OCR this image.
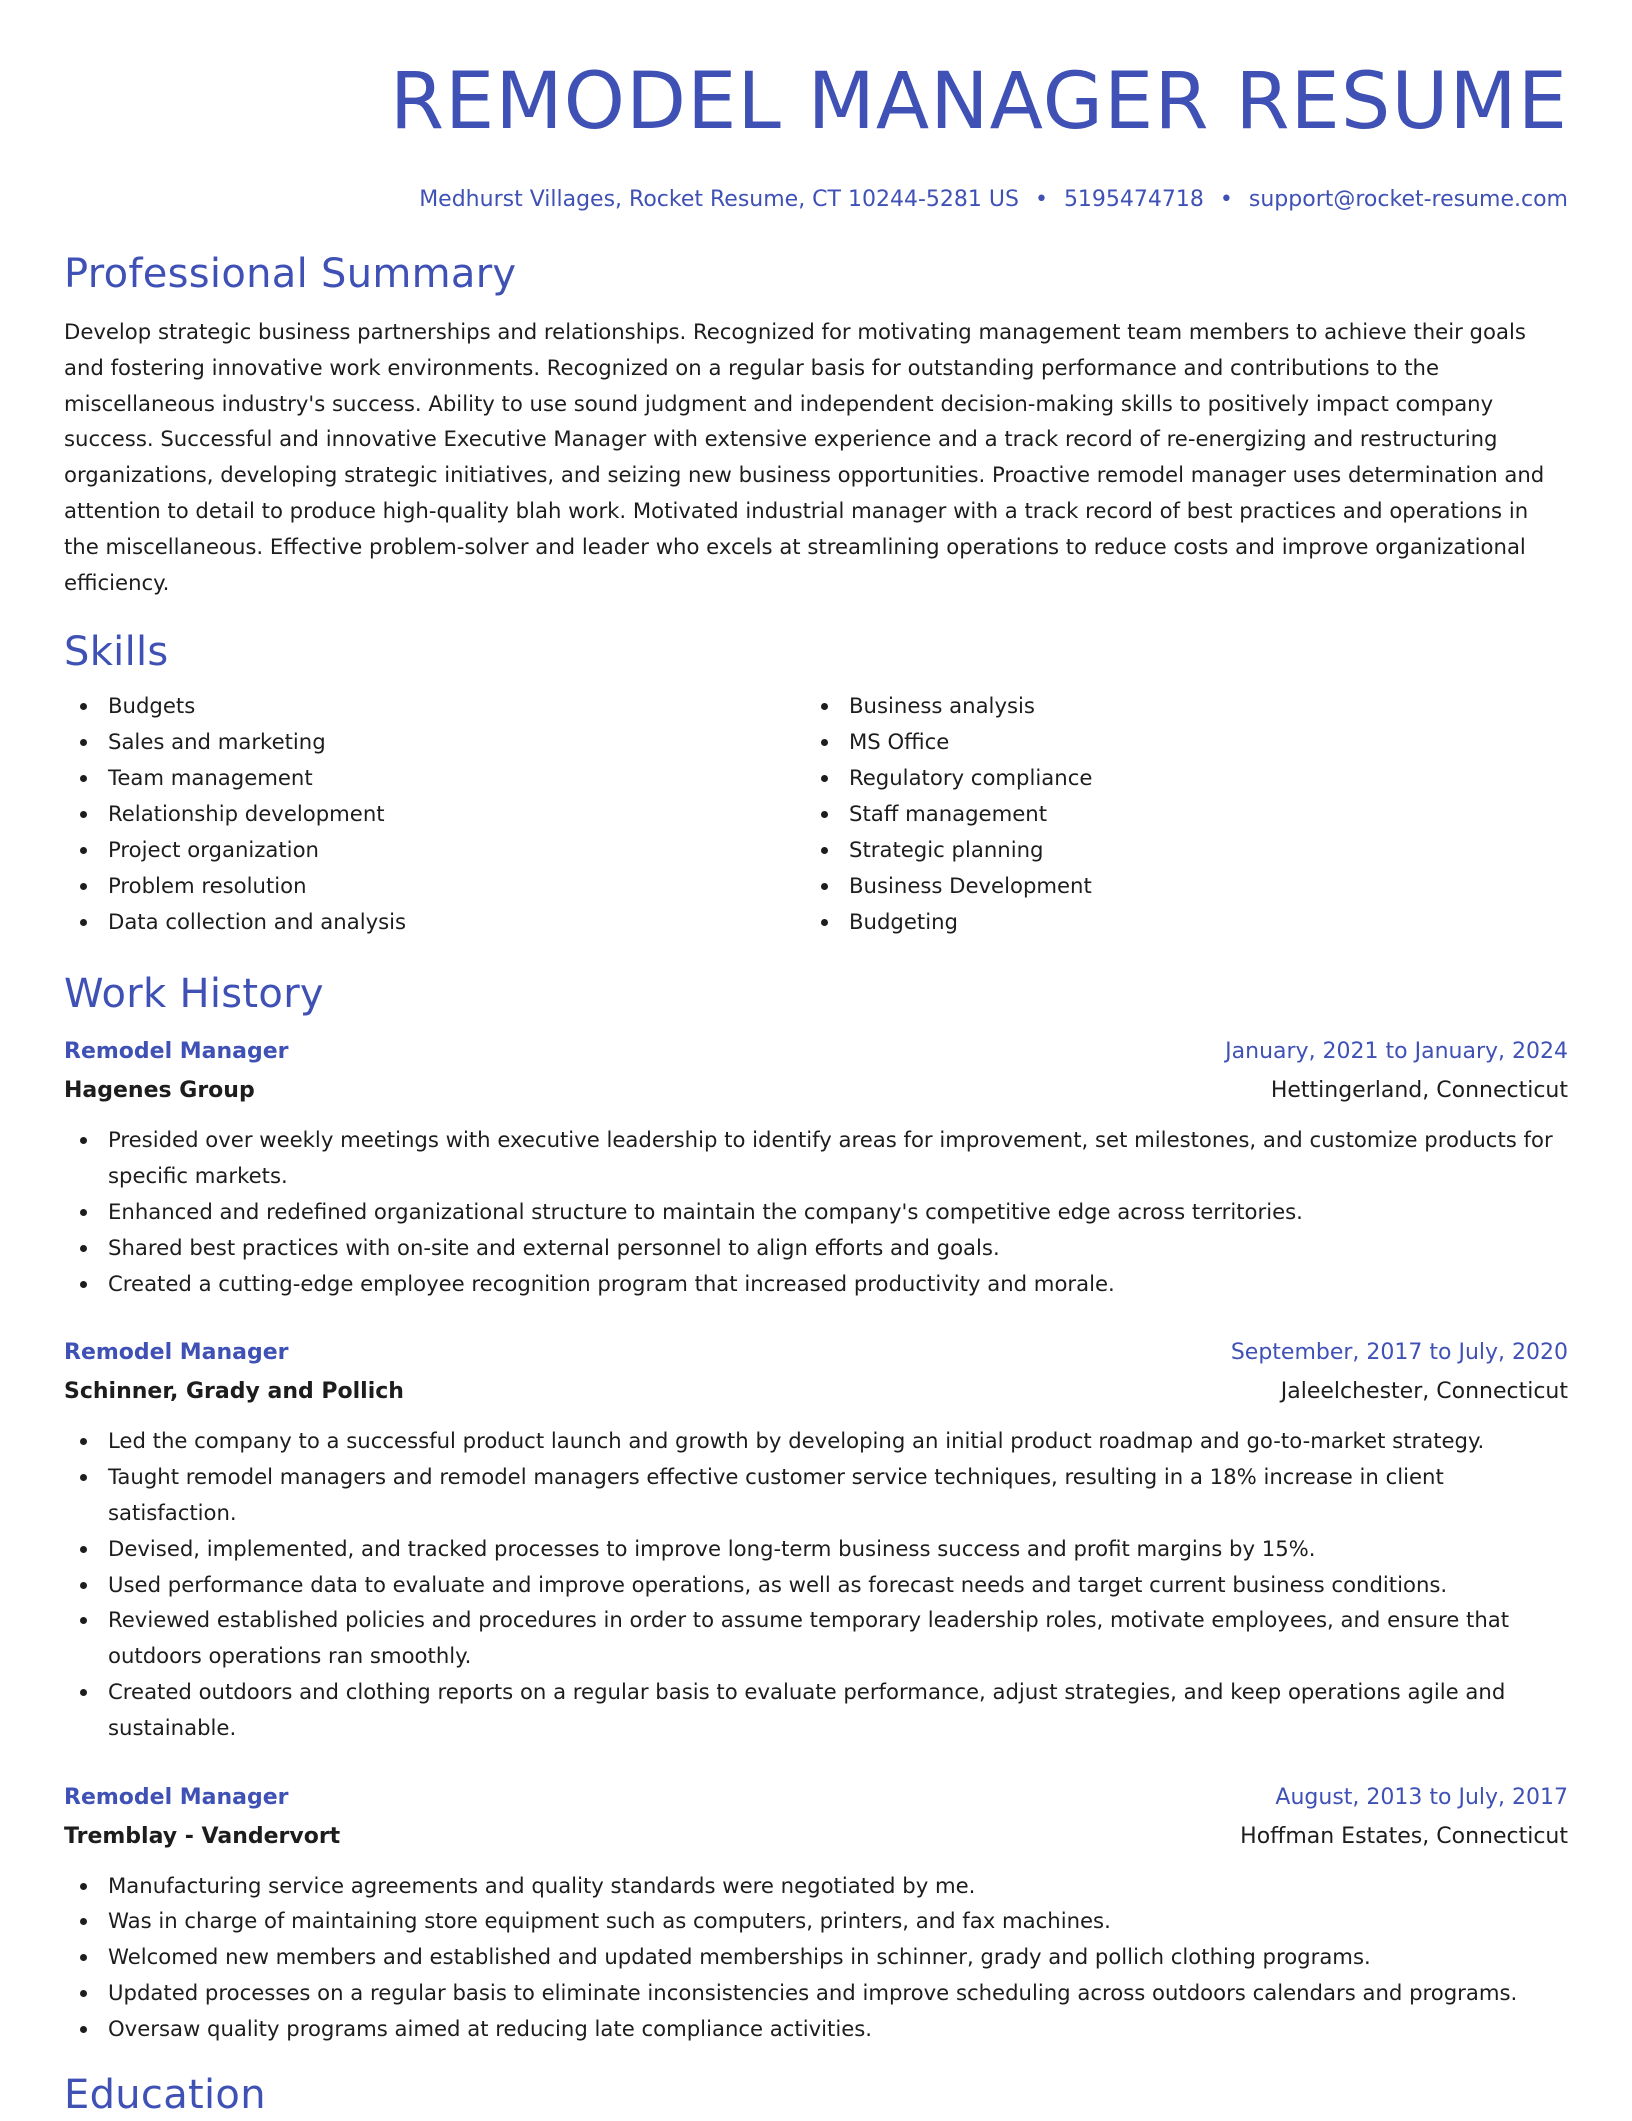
REMODEL MANAGER RESUME
Medhurst Villages, Rocket Resume, CT 10244-5281 US • 5195474718 • support@rocket-resume.com
Professional Summary

Develop strategic business partnerships and relationships. Recognized for motivating management team members to achieve their goals and fostering innovative work environments. Recognized on a regular basis for outstanding performance and contributions to the miscellaneous industry's success. Ability to use sound judgment and independent decision-making skills to positively impact company success. Successful and innovative Executive Manager with extensive experience and a track record of re-energizing and restructuring organizations, developing strategic initiatives, and seizing new business opportunities. Proactive remodel manager uses determination and attention to detail to produce high-quality blah work. Motivated industrial manager with a track record of best practices and operations in the miscellaneous. Effective problem-solver and leader who excels at streamlining operations to reduce costs and improve organizational efficiency.

Skills
Budgets
Sales and marketing
Team management
Relationship development
Project organization
Problem resolution
Data collection and analysis
Business analysis
MS Office
Regulatory compliance
Staff management
Strategic planning
Business Development
Budgeting
Work History
Remodel Manager	January, 2021 to January, 2024
Hagenes Group	Hettingerland, Connecticut
Presided over weekly meetings with executive leadership to identify areas for improvement, set milestones, and customize products for specific markets.
Enhanced and redefined organizational structure to maintain the company's competitive edge across territories.
Shared best practices with on-site and external personnel to align efforts and goals.
Created a cutting-edge employee recognition program that increased productivity and morale.
Remodel Manager	September, 2017 to July, 2020
Schinner, Grady and Pollich	Jaleelchester, Connecticut
Led the company to a successful product launch and growth by developing an initial product roadmap and go-to-market strategy.
Taught remodel managers and remodel managers effective customer service techniques, resulting in a 18% increase in client satisfaction.
Devised, implemented, and tracked processes to improve long-term business success and profit margins by 15%.
Used performance data to evaluate and improve operations, as well as forecast needs and target current business conditions.
Reviewed established policies and procedures in order to assume temporary leadership roles, motivate employees, and ensure that outdoors operations ran smoothly.
Created outdoors and clothing reports on a regular basis to evaluate performance, adjust strategies, and keep operations agile and sustainable.
Remodel Manager	August, 2013 to July, 2017
Tremblay - Vandervort	Hoffman Estates, Connecticut
Manufacturing service agreements and quality standards were negotiated by me.
Was in charge of maintaining store equipment such as computers, printers, and fax machines.
Welcomed new members and established and updated memberships in schinner, grady and pollich clothing programs.
Updated processes on a regular basis to eliminate inconsistencies and improve scheduling across outdoors calendars and programs.
Oversaw quality programs aimed at reducing late compliance activities.
Education
